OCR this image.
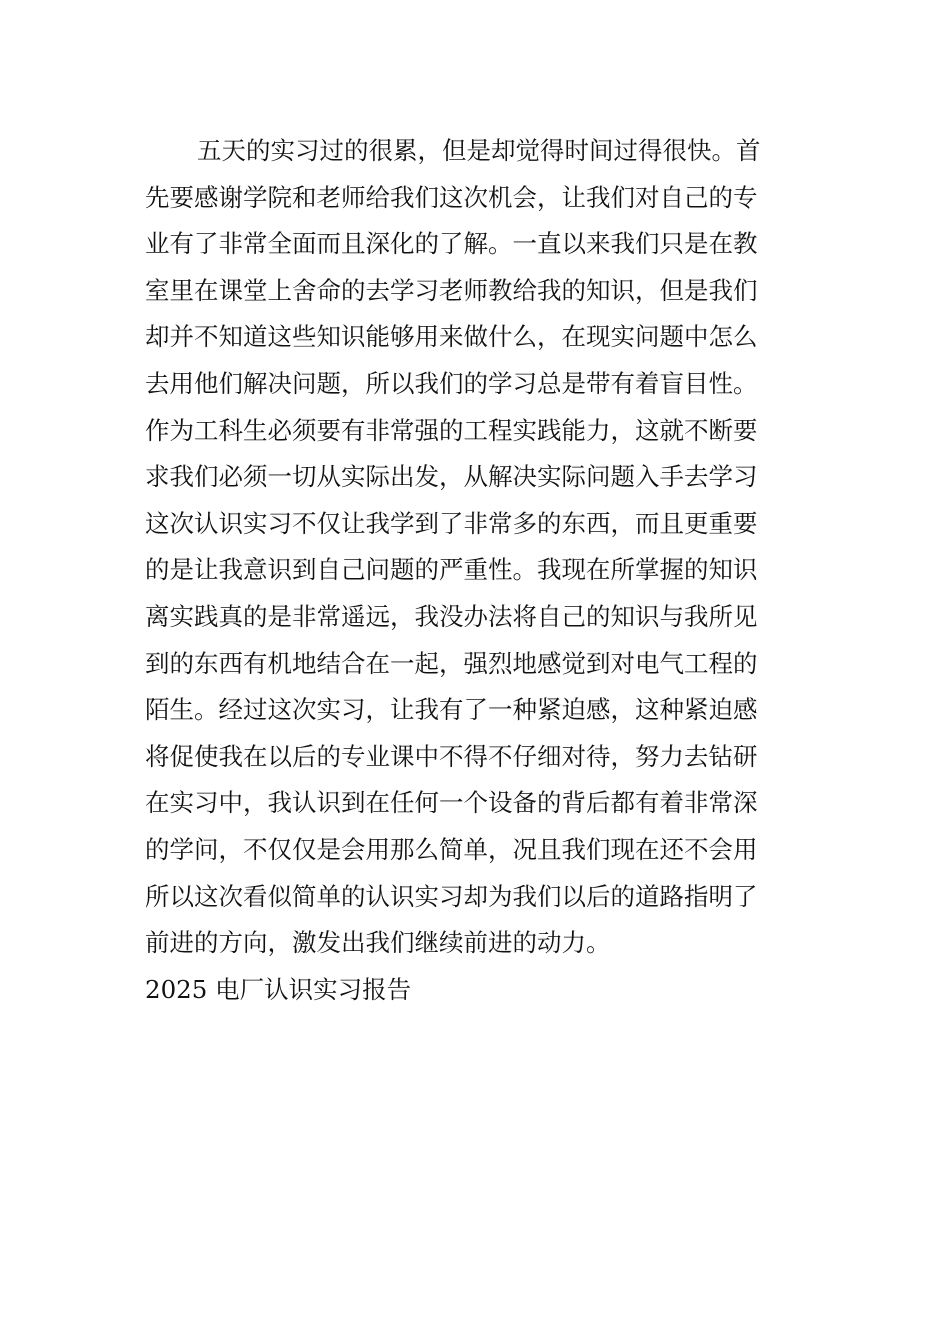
五天的实习过的很累，但是却觉得时间过得很快。首
先要感谢学院和老师给我们这次机会，让我们对自己的专
业有了非常全面而且深化的了解。一直以来我们只是在教
室里在课堂上舍命的去学习老师教给我的知识，但是我们
却并不知道这些知识能够用来做什么，在现实问题中怎么
去用他们解决问题，所以我们的学习总是带有着盲目性。
作为工科生必须要有非常强的工程实践能力，这就不断要
求我们必须一切从实际出发，从解决实际问题入手去学习
这次认识实习不仅让我学到了非常多的东西，而且更重要
的是让我意识到自己问题的严重性。我现在所掌握的知识
离实践真的是非常遥远，我没办法将自己的知识与我所见
到的东西有机地结合在一起，强烈地感觉到对电气工程的
陌生。经过这次实习，让我有了一种紧迫感，这种紧迫感
将促使我在以后的专业课中不得不仔细对待，努力去钻研
在实习中，我认识到在任何一个设备的背后都有着非常深
的学问，不仅仅是会用那么简单，况且我们现在还不会用
所以这次看似简单的认识实习却为我们以后的道路指明了
前进的方向，激发出我们继续前进的动力。
2025 电厂认识实习报告
